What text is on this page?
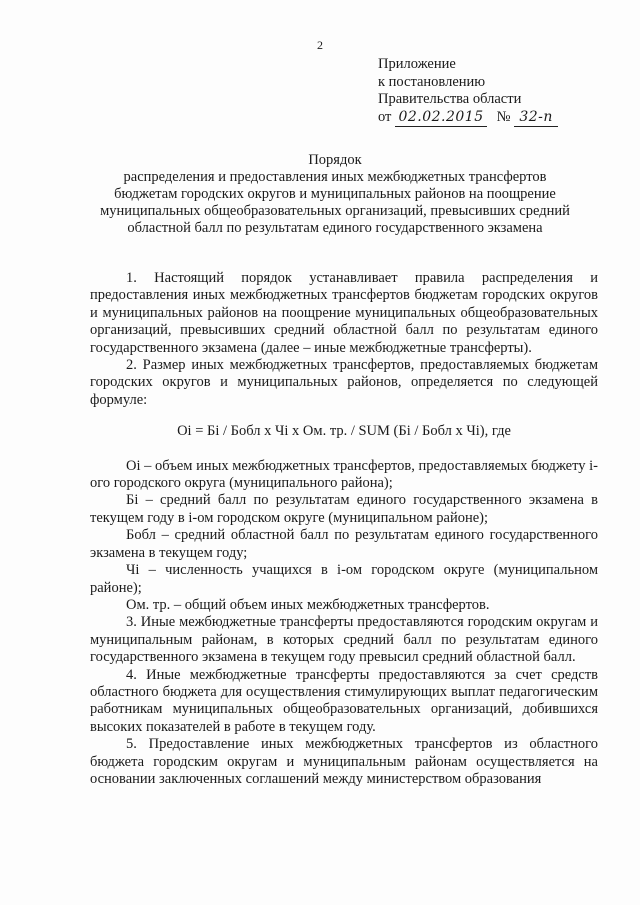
2
Приложение
к постановлению
Правительства области
от 02.02.2015 № 32-п
Порядок
распределения и предоставления иных межбюджетных трансфертов
бюджетам городских округов и муниципальных районов на поощрение
муниципальных общеобразовательных организаций, превысивших средний
областной балл по результатам единого государственного экзамена

1. Настоящий порядок устанавливает правила распределения и предоставления иных межбюджетных трансфертов бюджетам городских округов и муниципальных районов на поощрение муниципальных общеобразовательных организаций, превысивших средний областной балл по результатам единого государственного экзамена (далее – иные межбюджетные трансферты).

2. Размер иных межбюджетных трансфертов, предоставляемых бюджетам городских округов и муниципальных районов, определяется по следующей формуле:

Оi = Бi / Бобл х Чi х Ом. тр. / SUM (Бi / Бобл х Чi), где

Оi – объем иных межбюджетных трансфертов, предоставляемых бюджету i-ого городского округа (муниципального района);

Бi – средний балл по результатам единого государственного экзамена в текущем году в i-ом городском округе (муниципальном районе);

Бобл – средний областной балл по результатам единого государственного экзамена в текущем году;

Чi – численность учащихся в i-ом городском округе (муниципальном районе);

Ом. тр. – общий объем иных межбюджетных трансфертов.

3. Иные межбюджетные трансферты предоставляются городским округам и муниципальным районам, в которых средний балл по результатам единого государственного экзамена в текущем году превысил средний областной балл.

4. Иные межбюджетные трансферты предоставляются за счет средств областного бюджета для осуществления стимулирующих выплат педагогическим работникам муниципальных общеобразовательных организаций, добившихся высоких показателей в работе в текущем году.

5. Предоставление иных межбюджетных трансфертов из областного бюджета городским округам и муниципальным районам осуществляется на основании заключенных соглашений между министерством образования
